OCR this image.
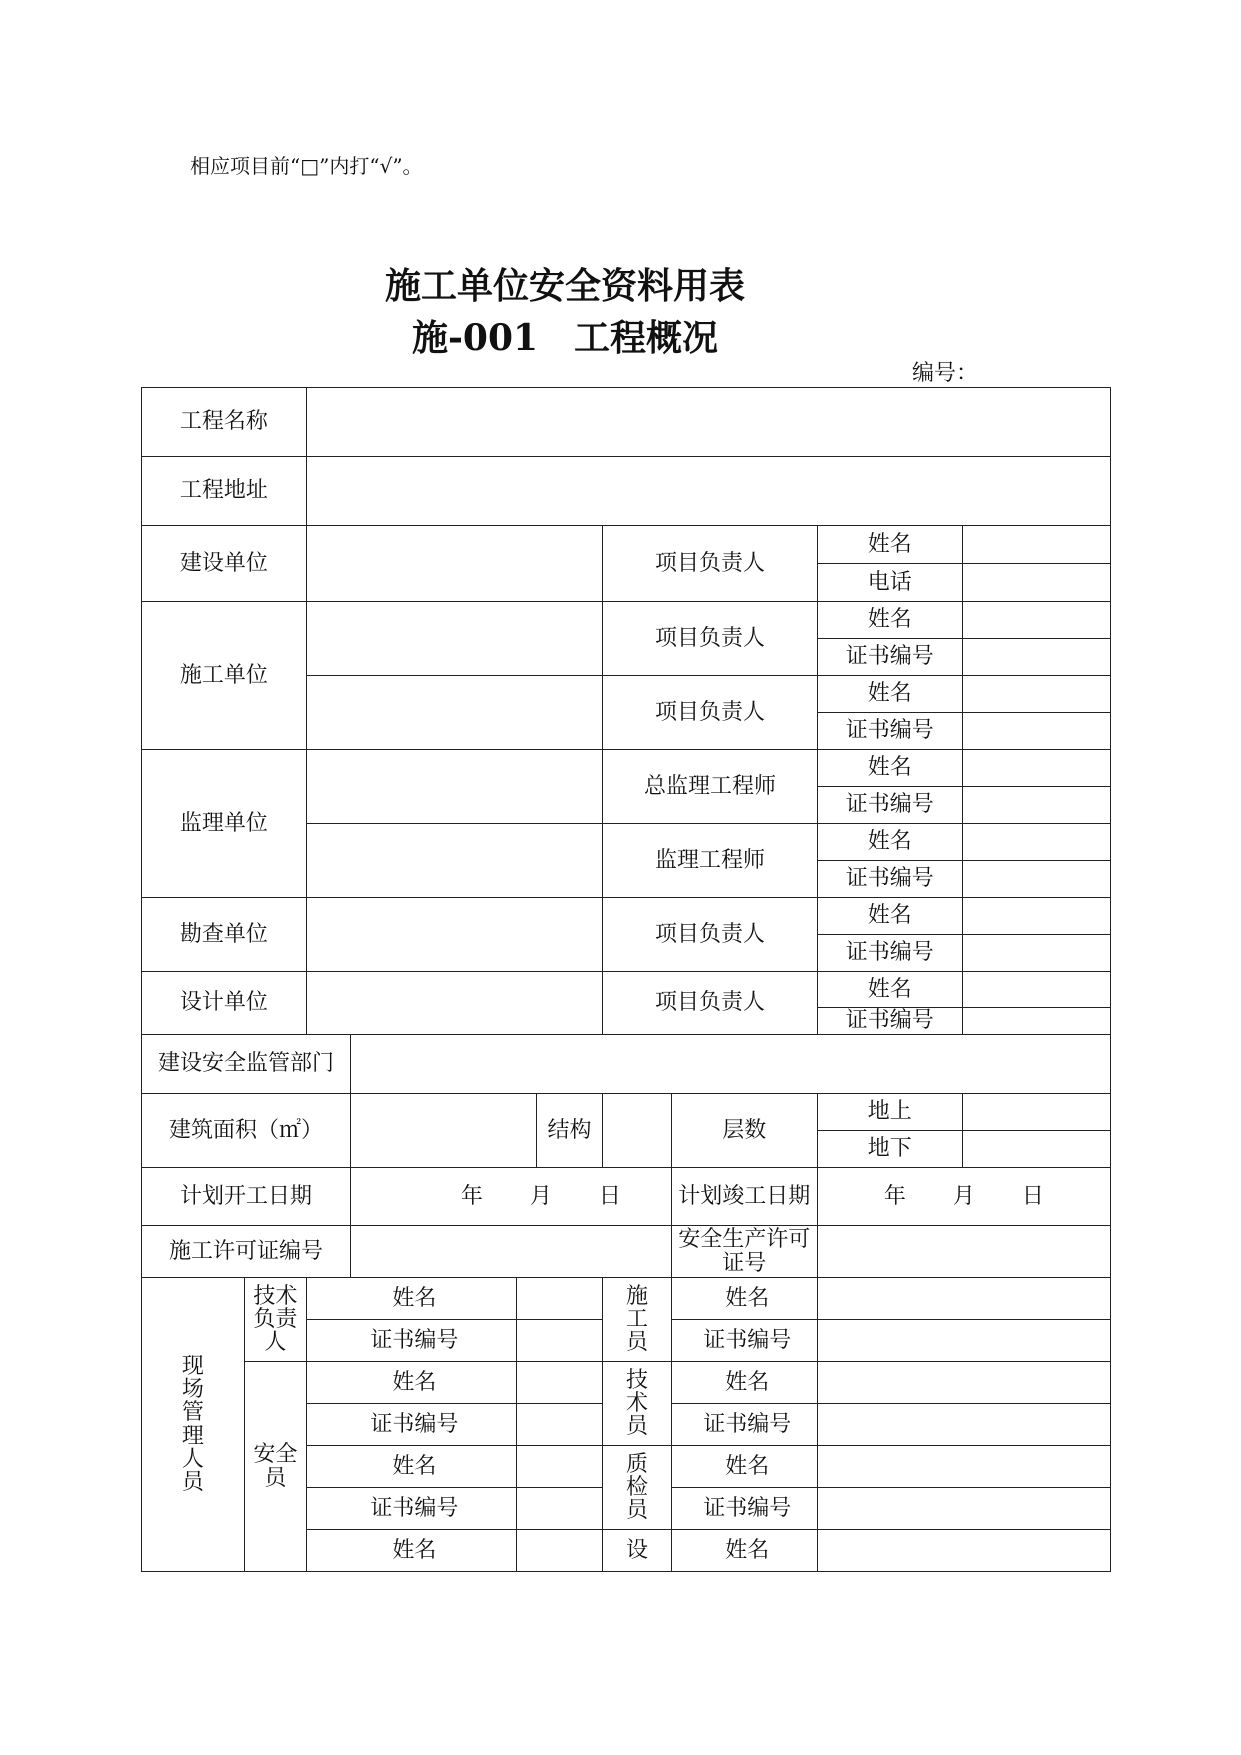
相应项目前“□”内打“√”。
施工单位安全资料用表
施-001　工程概况
编号：
工程名称									
工程地址									
建设单位						项目负责人		姓名	
								电话	
施工单位						项目负责人		姓名	
								证书编号	
						项目负责人		姓名	
								证书编号	
监理单位						总监理工程师		姓名	
								证书编号	
						监理工程师		姓名	
								证书编号	
勘查单位						项目负责人		姓名	
								证书编号	
设计单位						项目负责人		姓名	
								证书编号	
建设安全监管部门									
建筑面积（㎡）					结构		层数	地上	
								地下	
计划开工日期			年 月 日				计划竣工日期	年 月 日	
施工许可证编号							安全生产许可证号		

现场管理人员	技术负责人	姓名				施工员	姓名		
		证书编号					证书编号		

	安全员	姓名				技术员	姓名		
		证书编号					证书编号		
		姓名				质检员	姓名		
		证书编号					证书编号		
		姓名				设	姓名		
